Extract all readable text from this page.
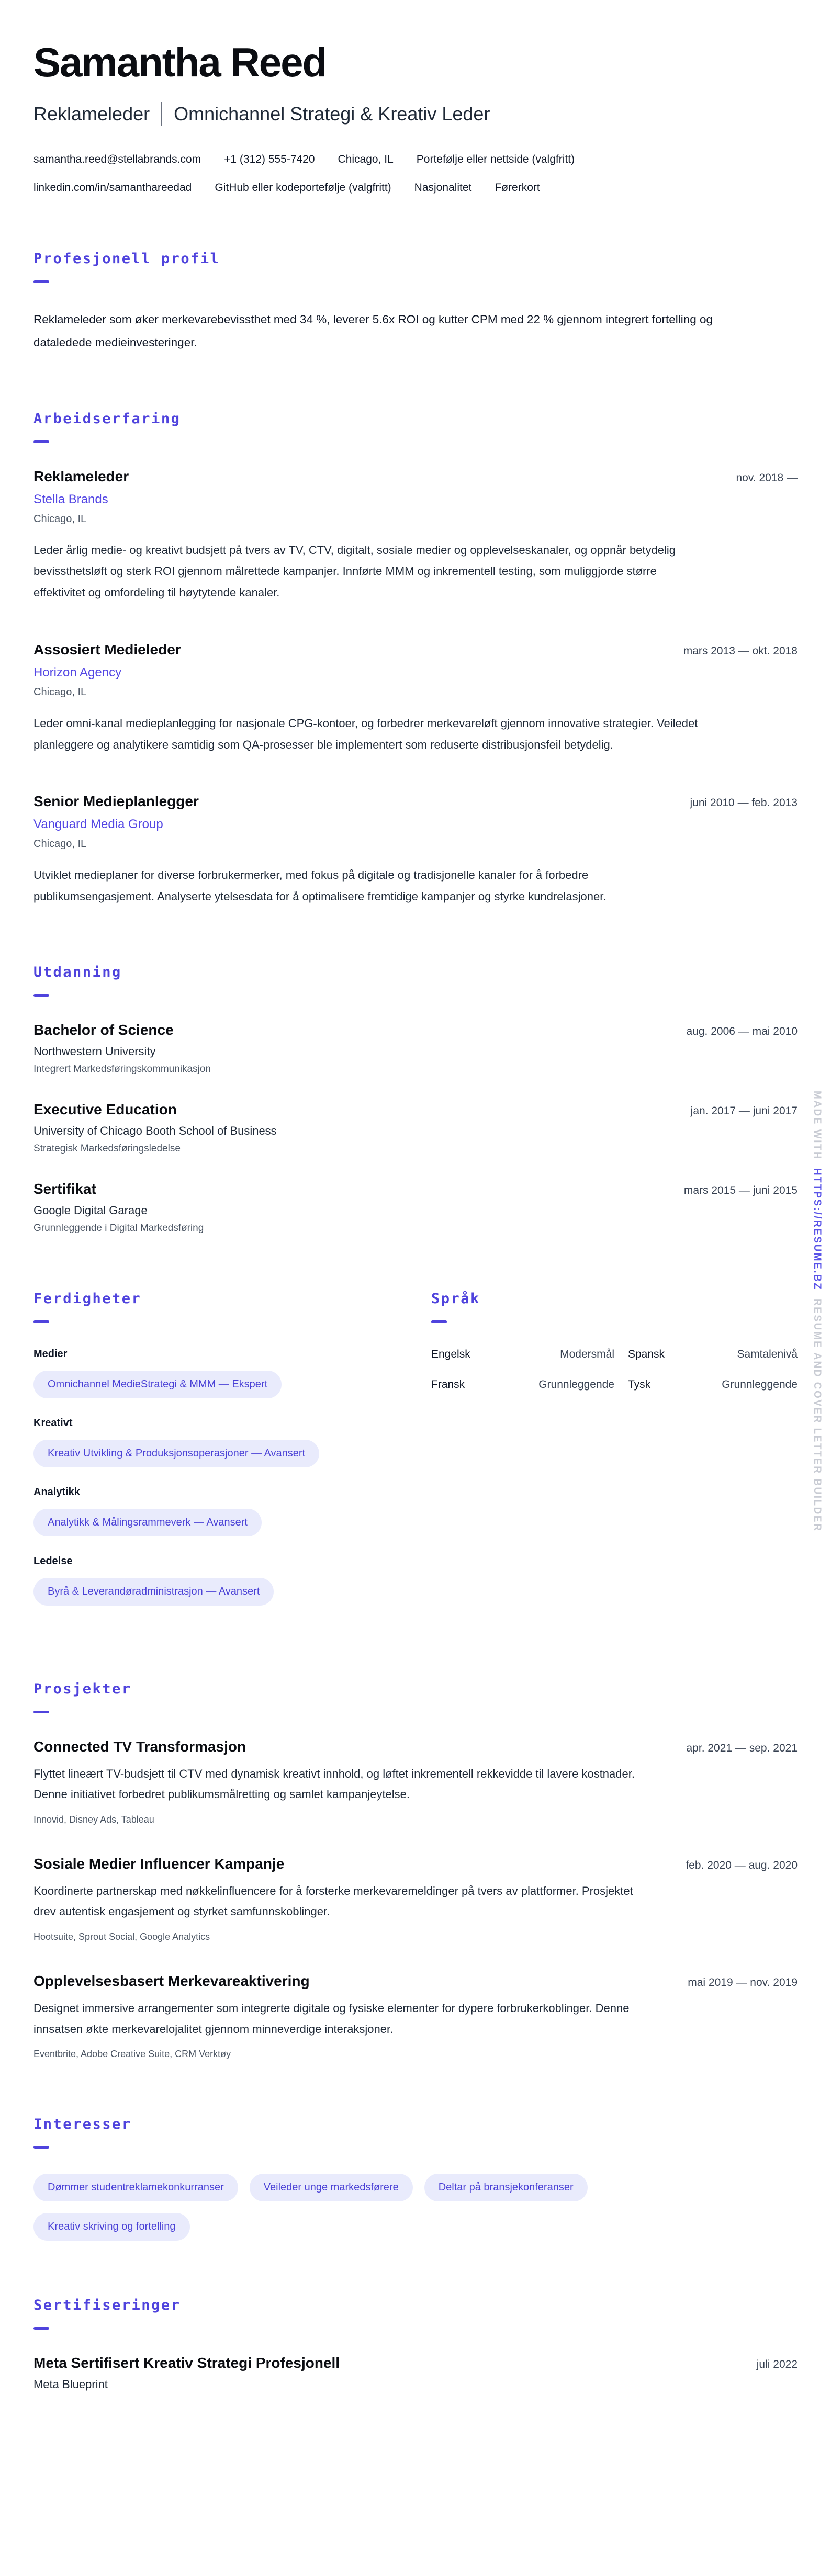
Samantha Reed
Reklameleder Omnichannel Strategi & Kreativ Leder
samantha.reed@stellabrands.com +1 (312) 555-7420 Chicago, IL Portefølje eller nettside (valgfritt)
linkedin.com/in/samanthareedad GitHub eller kodeportefølje (valgfritt) Nasjonalitet Førerkort
Profesjonell profil

Reklameleder som øker merkevarebevissthet med 34 %, leverer 5.6x ROI og kutter CPM med 22 % gjennom integrert fortelling og dataledede medieinvesteringer.

Arbeidserfaring
Reklameleder	nov. 2018 —
Stella Brands
Chicago, IL

Leder årlig medie- og kreativt budsjett på tvers av TV, CTV, digitalt, sosiale medier og opplevelseskanaler, og oppnår betydelig bevissthetsløft og sterk ROI gjennom målrettede kampanjer. Innførte MMM og inkrementell testing, som muliggjorde større effektivitet og omfordeling til høytytende kanaler.

Assosiert Medieleder	mars 2013 — okt. 2018
Horizon Agency
Chicago, IL

Leder omni-kanal medieplanlegging for nasjonale CPG-kontoer, og forbedrer merkevareløft gjennom innovative strategier. Veiledet planleggere og analytikere samtidig som QA-prosesser ble implementert som reduserte distribusjonsfeil betydelig.

Senior Medieplanlegger	juni 2010 — feb. 2013
Vanguard Media Group
Chicago, IL

Utviklet medieplaner for diverse forbrukermerker, med fokus på digitale og tradisjonelle kanaler for å forbedre publikumsengasjement. Analyserte ytelsesdata for å optimalisere fremtidige kampanjer og styrke kundrelasjoner.

Utdanning
Bachelor of Science	aug. 2006 — mai 2010
Northwestern University
Integrert Markedsføringskommunikasjon
Executive Education	jan. 2017 — juni 2017
University of Chicago Booth School of Business
Strategisk Markedsføringsledelse
Sertifikat	mars 2015 — juni 2015
Google Digital Garage
Grunnleggende i Digital Markedsføring
Ferdigheter
Medier
Omnichannel MedieStrategi & MMM — Ekspert
Kreativt
Kreativ Utvikling & Produksjonsoperasjoner — Avansert
Analytikk
Analytikk & Målingsrammeverk — Avansert
Ledelse
Byrå & Leverandøradministrasjon — Avansert
Språk
Engelsk	Modersmål	Spansk	Samtalenivå
Fransk	Grunnleggende	Tysk	Grunnleggende
Prosjekter
Connected TV Transformasjon	apr. 2021 — sep. 2021

Flyttet lineært TV-budsjett til CTV med dynamisk kreativt innhold, og løftet inkrementell rekkevidde til lavere kostnader. Denne initiativet forbedret publikumsmålretting og samlet kampanjeytelse.

Innovid, Disney Ads, Tableau
Sosiale Medier Influencer Kampanje	feb. 2020 — aug. 2020

Koordinerte partnerskap med nøkkelinfluencere for å forsterke merkevaremeldinger på tvers av plattformer. Prosjektet drev autentisk engasjement og styrket samfunnskoblinger.

Hootsuite, Sprout Social, Google Analytics
Opplevelsesbasert Merkevareaktivering	mai 2019 — nov. 2019

Designet immersive arrangementer som integrerte digitale og fysiske elementer for dypere forbrukerkoblinger. Denne innsatsen økte merkevarelojalitet gjennom minneverdige interaksjoner.

Eventbrite, Adobe Creative Suite, CRM Verktøy
Interesser
Dømmer studentreklamekonkurranser	Veileder unge markedsførere	Deltar på bransjekonferanser
Kreativ skriving og fortelling
Sertifiseringer
Meta Sertifisert Kreativ Strategi Profesjonell	juli 2022
Meta Blueprint
MADE WITH  HTTPS://RESUME.BZ  RESUME AND COVER LETTER BUILDER
